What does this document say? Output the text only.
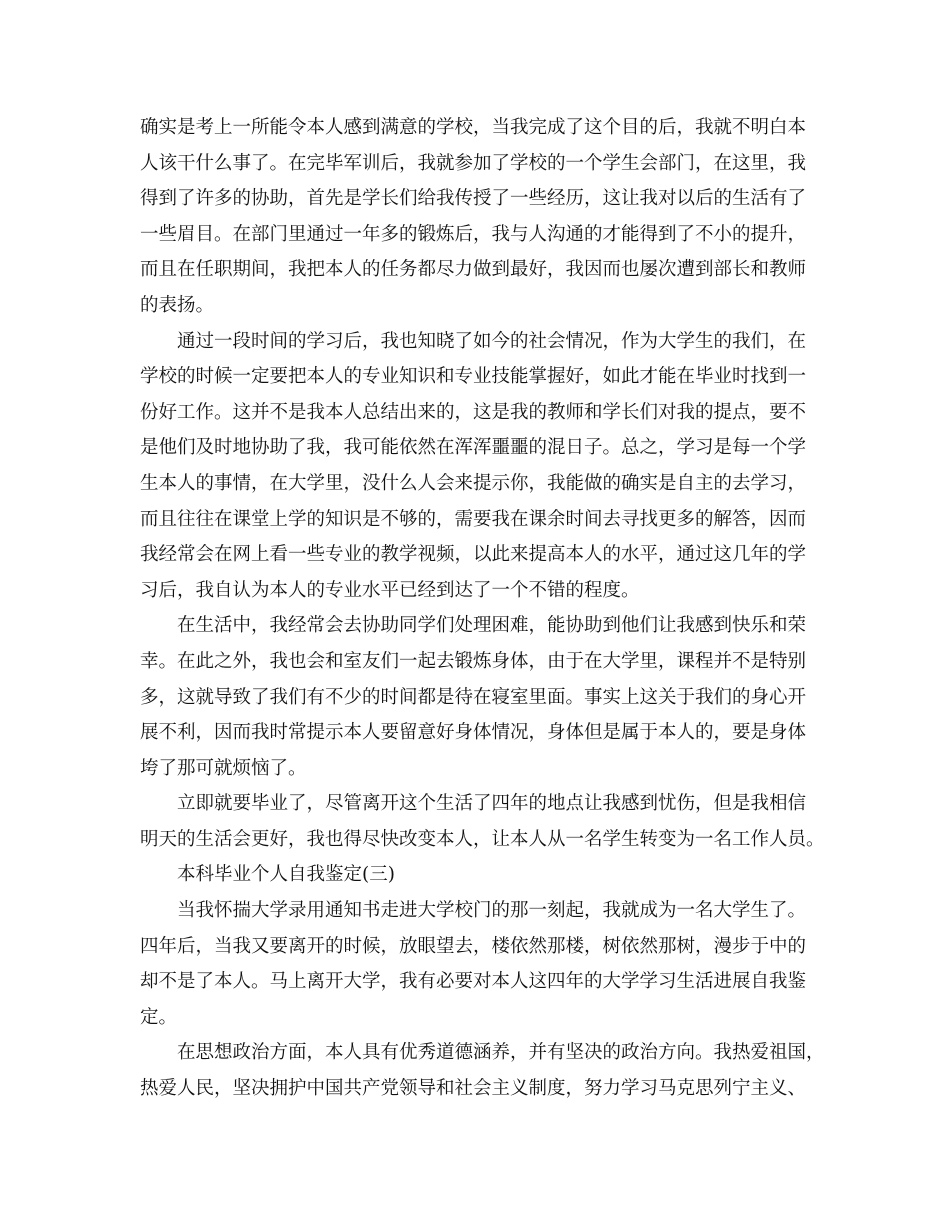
确实是考上一所能令本人感到满意的学校，当我完成了这个目的后，我就不明白本
人该干什么事了。在完毕军训后，我就参加了学校的一个学生会部门，在这里，我
得到了许多的协助，首先是学长们给我传授了一些经历，这让我对以后的生活有了
一些眉目。在部门里通过一年多的锻炼后，我与人沟通的才能得到了不小的提升，
而且在任职期间，我把本人的任务都尽力做到最好，我因而也屡次遭到部长和教师
的表扬。

通过一段时间的学习后，我也知晓了如今的社会情况，作为大学生的我们，在
学校的时候一定要把本人的专业知识和专业技能掌握好，如此才能在毕业时找到一
份好工作。这并不是我本人总结出来的，这是我的教师和学长们对我的提点，要不
是他们及时地协助了我，我可能依然在浑浑噩噩的混日子。总之，学习是每一个学
生本人的事情，在大学里，没什么人会来提示你，我能做的确实是自主的去学习，
而且往往在课堂上学的知识是不够的，需要我在课余时间去寻找更多的解答，因而
我经常会在网上看一些专业的教学视频，以此来提高本人的水平，通过这几年的学
习后，我自认为本人的专业水平已经到达了一个不错的程度。

在生活中，我经常会去协助同学们处理困难，能协助到他们让我感到快乐和荣
幸。在此之外，我也会和室友们一起去锻炼身体，由于在大学里，课程并不是特别
多，这就导致了我们有不少的时间都是待在寝室里面。事实上这关于我们的身心开
展不利，因而我时常提示本人要留意好身体情况，身体但是属于本人的，要是身体
垮了那可就烦恼了。

立即就要毕业了，尽管离开这个生活了四年的地点让我感到忧伤，但是我相信
明天的生活会更好，我也得尽快改变本人，让本人从一名学生转变为一名工作人员。

本科毕业个人自我鉴定(三)

当我怀揣大学录用通知书走进大学校门的那一刻起，我就成为一名大学生了。
四年后，当我又要离开的时候，放眼望去，楼依然那楼，树依然那树，漫步于中的
却不是了本人。马上离开大学，我有必要对本人这四年的大学学习生活进展自我鉴
定。

在思想政治方面，本人具有优秀道德涵养，并有坚决的政治方向。我热爱祖国，
热爱人民，坚决拥护中国共产党领导和社会主义制度，努力学习马克思列宁主义、
